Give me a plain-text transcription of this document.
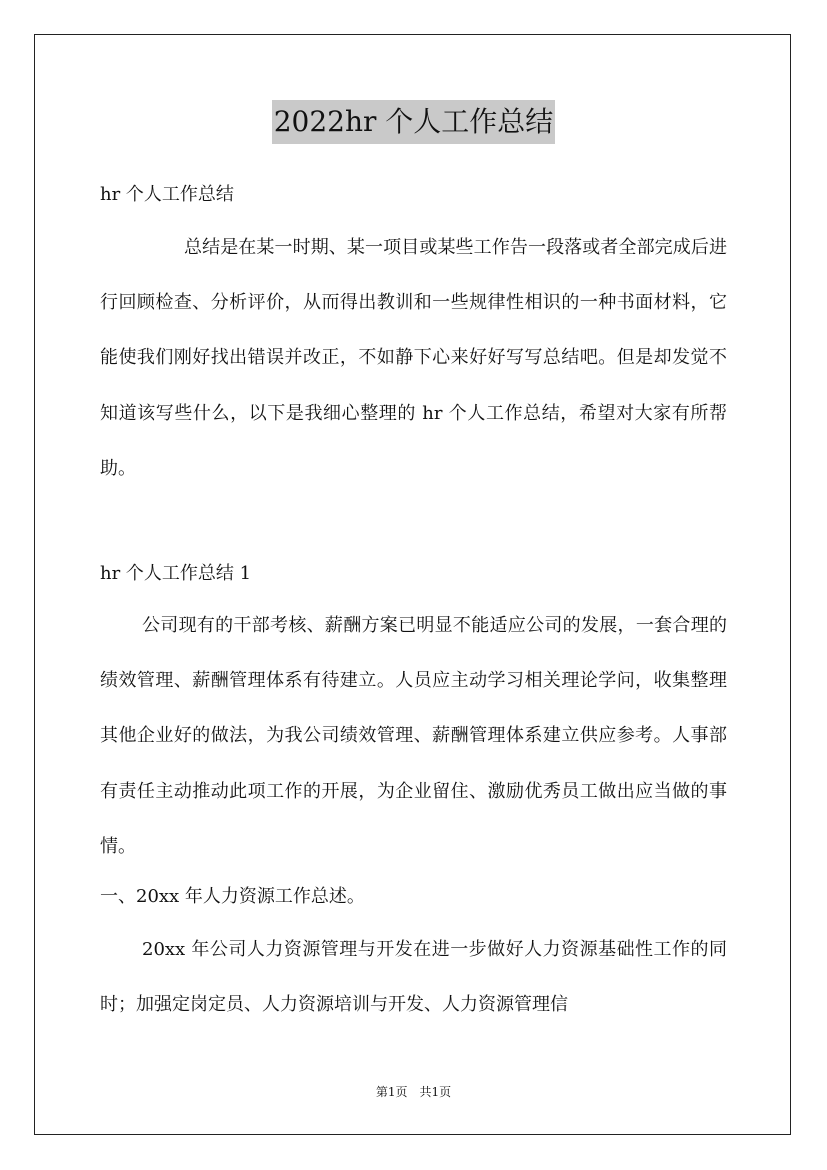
2022hr 个人工作总结

hr 个人工作总结

总结是在某一时期、某一项目或某些工作告一段落或者全部完成后进行回顾检查、分析评价，从而得出教训和一些规律性相识的一种书面材料，它能使我们刚好找出错误并改正，不如静下心来好好写写总结吧。但是却发觉不知道该写些什么，以下是我细心整理的 hr 个人工作总结，希望对大家有所帮助。

hr 个人工作总结 1

公司现有的干部考核、薪酬方案已明显不能适应公司的发展，一套合理的绩效管理、薪酬管理体系有待建立。人员应主动学习相关理论学问，收集整理其他企业好的做法，为我公司绩效管理、薪酬管理体系建立供应参考。人事部有责任主动推动此项工作的开展，为企业留住、激励优秀员工做出应当做的事情。

一、20xx 年人力资源工作总述。

20xx 年公司人力资源管理与开发在进一步做好人力资源基础性工作的同时；加强定岗定员、人力资源培训与开发、人力资源管理信

第1页 共1页
